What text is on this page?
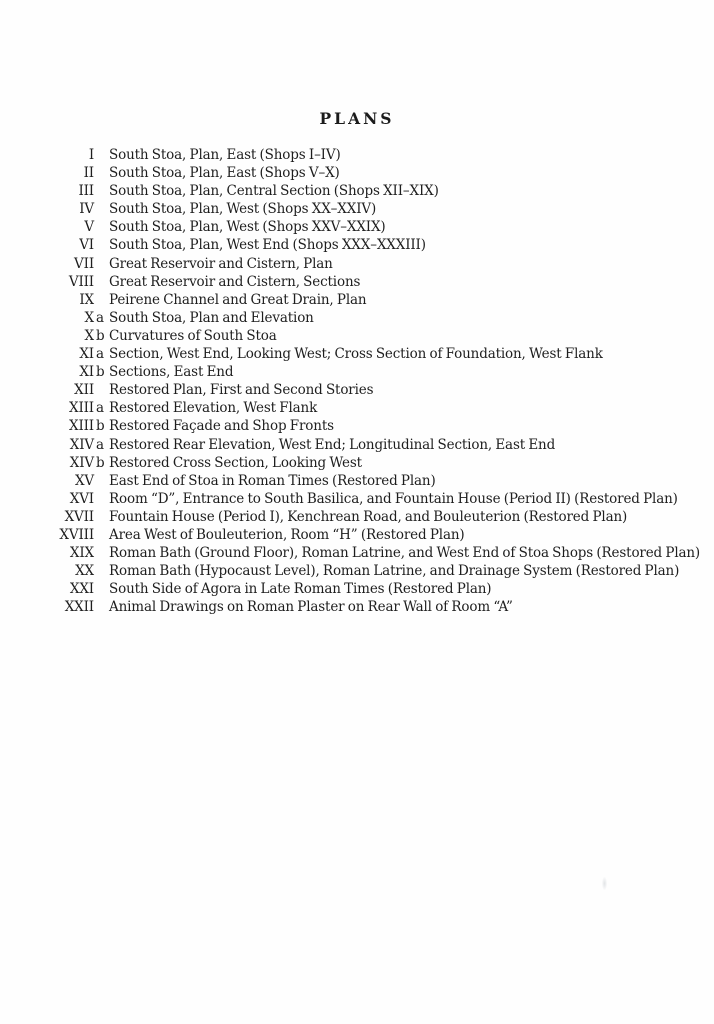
PLANS
I South Stoa, Plan, East (Shops I–IV)
II South Stoa, Plan, East (Shops V–X)
III South Stoa, Plan, Central Section (Shops XII–XIX)
IV South Stoa, Plan, West (Shops XX–XXIV)
V South Stoa, Plan, West (Shops XXV–XXIX)
VI South Stoa, Plan, West End (Shops XXX–XXXIII)
VII Great Reservoir and Cistern, Plan
VIII Great Reservoir and Cistern, Sections
IX Peirene Channel and Great Drain, Plan
X a South Stoa, Plan and Elevation
X b Curvatures of South Stoa
XI a Section, West End, Looking West; Cross Section of Foundation, West Flank
XI b Sections, East End
XII Restored Plan, First and Second Stories
XIII a Restored Elevation, West Flank
XIII b Restored Façade and Shop Fronts
XIV a Restored Rear Elevation, West End; Longitudinal Section, East End
XIV b Restored Cross Section, Looking West
XV East End of Stoa in Roman Times (Restored Plan)
XVI Room “D”, Entrance to South Basilica, and Fountain House (Period II) (Restored Plan)
XVII Fountain House (Period I), Kenchrean Road, and Bouleuterion (Restored Plan)
XVIII Area West of Bouleuterion, Room “H” (Restored Plan)
XIX Roman Bath (Ground Floor), Roman Latrine, and West End of Stoa Shops (Restored Plan)
XX Roman Bath (Hypocaust Level), Roman Latrine, and Drainage System (Restored Plan)
XXI South Side of Agora in Late Roman Times (Restored Plan)
XXII Animal Drawings on Roman Plaster on Rear Wall of Room “A”
